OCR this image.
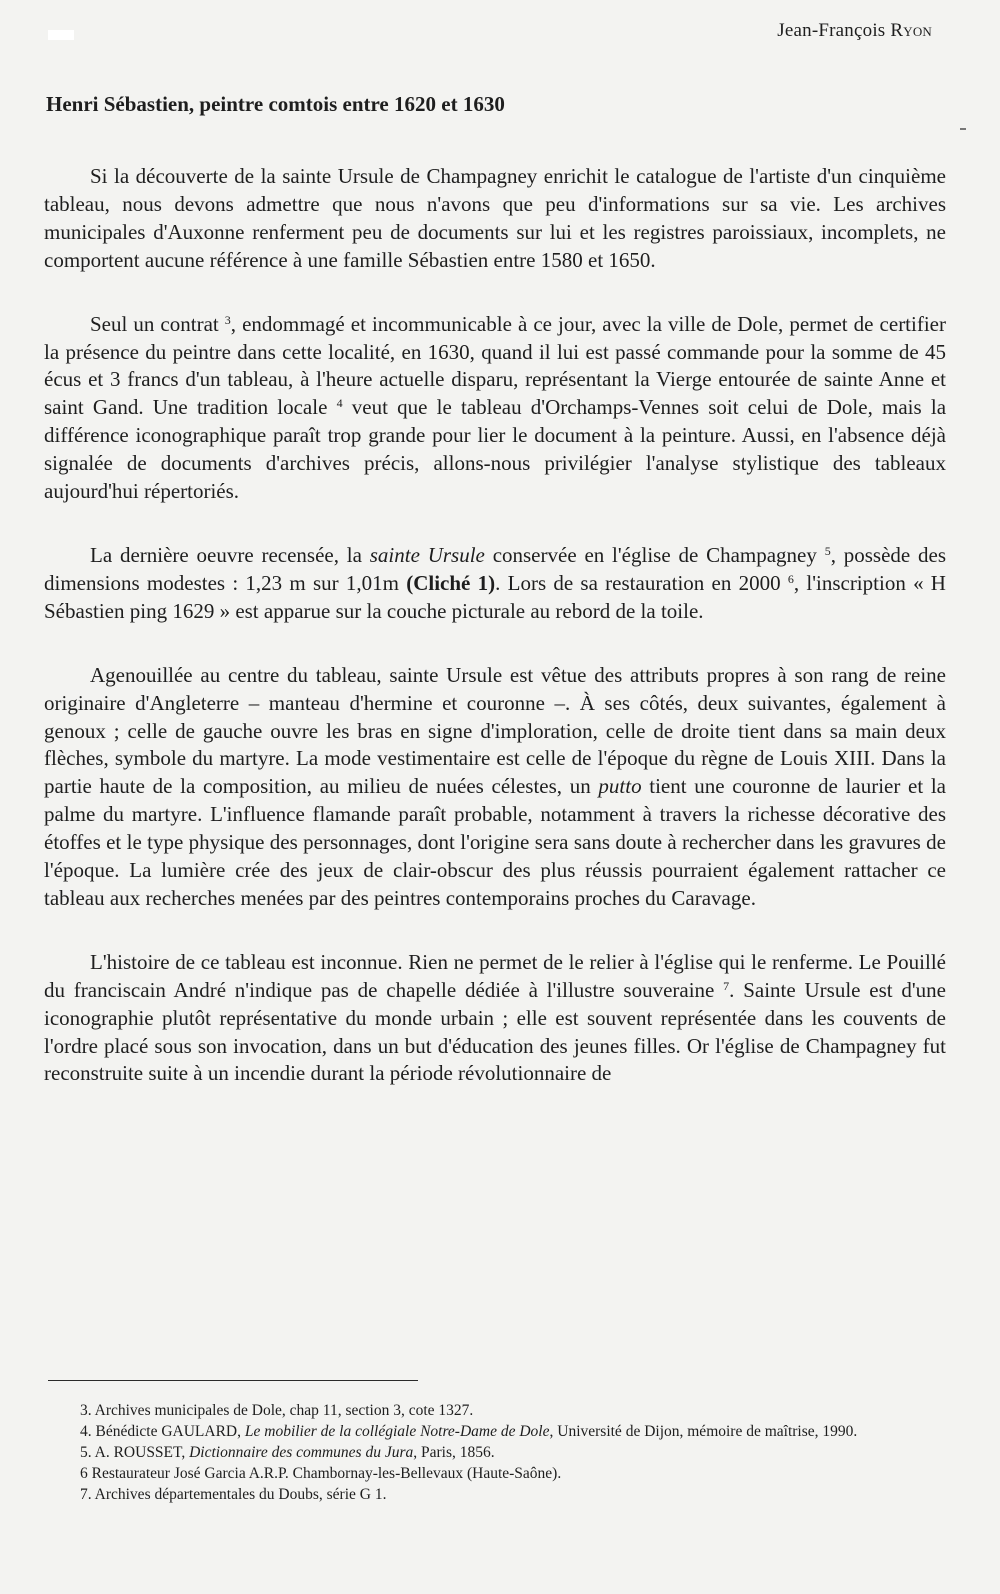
Jean-François Ryon
Henri Sébastien, peintre comtois entre 1620 et 1630

Si la découverte de la sainte Ursule de Champagney enrichit le catalogue de l'artiste d'un cinquième tableau, nous devons admettre que nous n'avons que peu d'informations sur sa vie. Les archives municipales d'Auxonne renferment peu de documents sur lui et les registres paroissiaux, incomplets, ne comportent aucune référence à une famille Sébastien entre 1580 et 1650.

Seul un contrat $^3$, endommagé et incommunicable à ce jour, avec la ville de Dole, permet de certifier la présence du peintre dans cette localité, en 1630, quand il lui est passé commande pour la somme de 45 écus et 3 francs d'un tableau, à l'heure actuelle disparu, représentant la Vierge entourée de sainte Anne et saint Gand. Une tradition locale $^4$ veut que le tableau d'Orchamps-Vennes soit celui de Dole, mais la différence iconographique paraît trop grande pour lier le document à la peinture. Aussi, en l'absence déjà signalée de documents d'archives précis, allons-nous privilégier l'analyse stylistique des tableaux aujourd'hui répertoriés.

La dernière oeuvre recensée, la sainte Ursule conservée en l'église de Champagney $^5$, possède des dimensions modestes : 1,23 m sur 1,01m (Cliché 1). Lors de sa restauration en 2000 $^6$, l'inscription « H Sébastien ping 1629 » est apparue sur la couche picturale au rebord de la toile.

Agenouillée au centre du tableau, sainte Ursule est vêtue des attributs propres à son rang de reine originaire d'Angleterre – manteau d'hermine et couronne –. À ses côtés, deux suivantes, également à genoux ; celle de gauche ouvre les bras en signe d'imploration, celle de droite tient dans sa main deux flèches, symbole du martyre. La mode vestimentaire est celle de l'époque du règne de Louis XIII. Dans la partie haute de la composition, au milieu de nuées célestes, un putto tient une couronne de laurier et la palme du martyre. L'influence flamande paraît probable, notamment à travers la richesse décorative des étoffes et le type physique des personnages, dont l'origine sera sans doute à rechercher dans les gravures de l'époque. La lumière crée des jeux de clair-obscur des plus réussis pourraient également rattacher ce tableau aux recherches menées par des peintres contemporains proches du Caravage.

L'histoire de ce tableau est inconnue. Rien ne permet de le relier à l'église qui le renferme. Le Pouillé du franciscain André n'indique pas de chapelle dédiée à l'illustre souveraine $^7$. Sainte Ursule est d'une iconographie plutôt représentative du monde urbain ; elle est souvent représentée dans les couvents de l'ordre placé sous son invocation, dans un but d'éducation des jeunes filles. Or l'église de Champagney fut reconstruite suite à un incendie durant la période révolutionnaire de

3. Archives municipales de Dole, chap 11, section 3, cote 1327.
4. Bénédicte GAULARD, Le mobilier de la collégiale Notre-Dame de Dole, Université de Dijon, mémoire de maîtrise, 1990.
5. A. ROUSSET, Dictionnaire des communes du Jura, Paris, 1856.
6 Restaurateur José Garcia A.R.P. Chambornay-les-Bellevaux (Haute-Saône).
7. Archives départementales du Doubs, série G 1.
